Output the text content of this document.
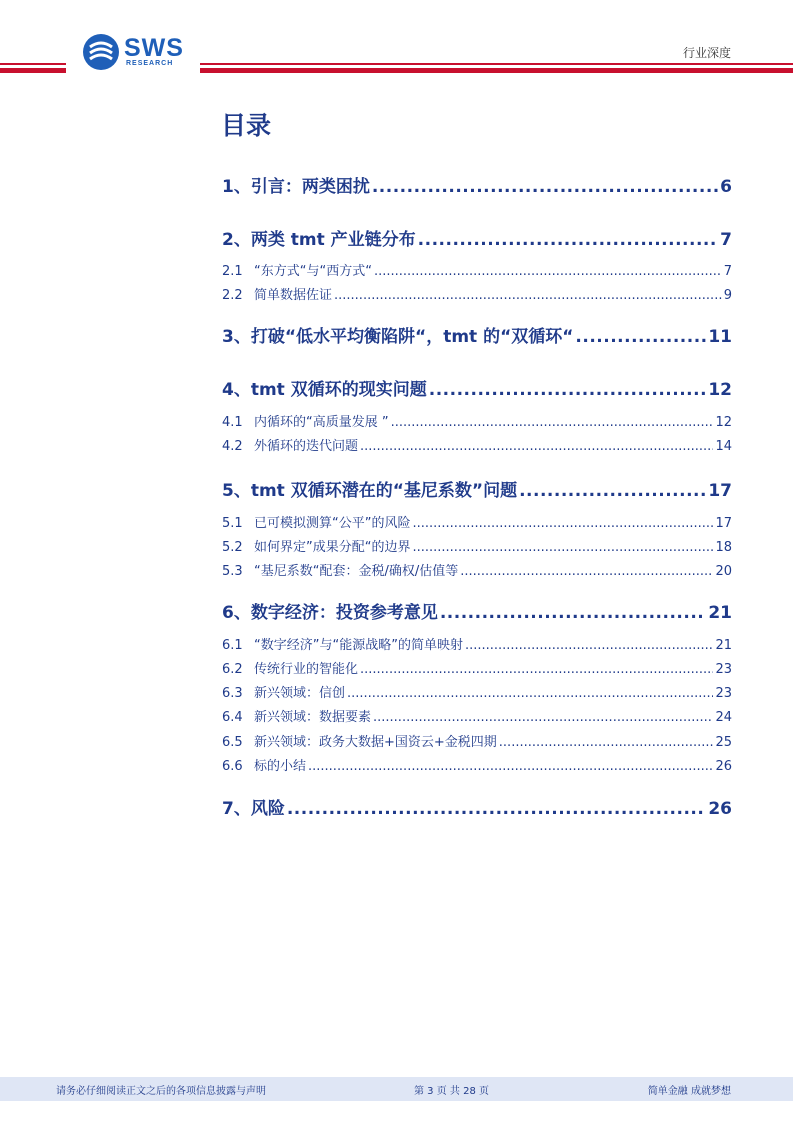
SWS
RESEARCH
行业深度
目录
1、 引言：两类困扰 .....	6
2、 两类 tmt 产业链分布 .....	7
2.1 “东方式“与“西方式“ .....	7
2.2 简单数据佐证 .....	9
3、 打破“低水平均衡陷阱“，tmt 的“双循环“ .....	11
4、 tmt 双循环的现实问题 .....	12
4.1 内循环的“高质量发展 ” .....	12
4.2 外循环的迭代问题 .....	14
5、 tmt 双循环潜在的“基尼系数”问题 .....	17
5.1 已可模拟测算“公平”的风险 .....	17
5.2 如何界定”成果分配“的边界 .....	18
5.3 “基尼系数“配套：金税/确权/估值等 .....	20
6、 数字经济：投资参考意见 .....	21
6.1 “数字经济”与“能源战略”的简单映射 .....	21
6.2 传统行业的智能化 .....	23
6.3 新兴领域：信创 .....	23
6.4 新兴领域：数据要素 .....	24
6.5 新兴领域：政务大数据+国资云+金税四期 .....	25
6.6 标的小结 .....	26
7、 风险 .....	26
请务必仔细阅读正文之后的各项信息披露与声明	第 3 页 共 28 页	简单金融 成就梦想
